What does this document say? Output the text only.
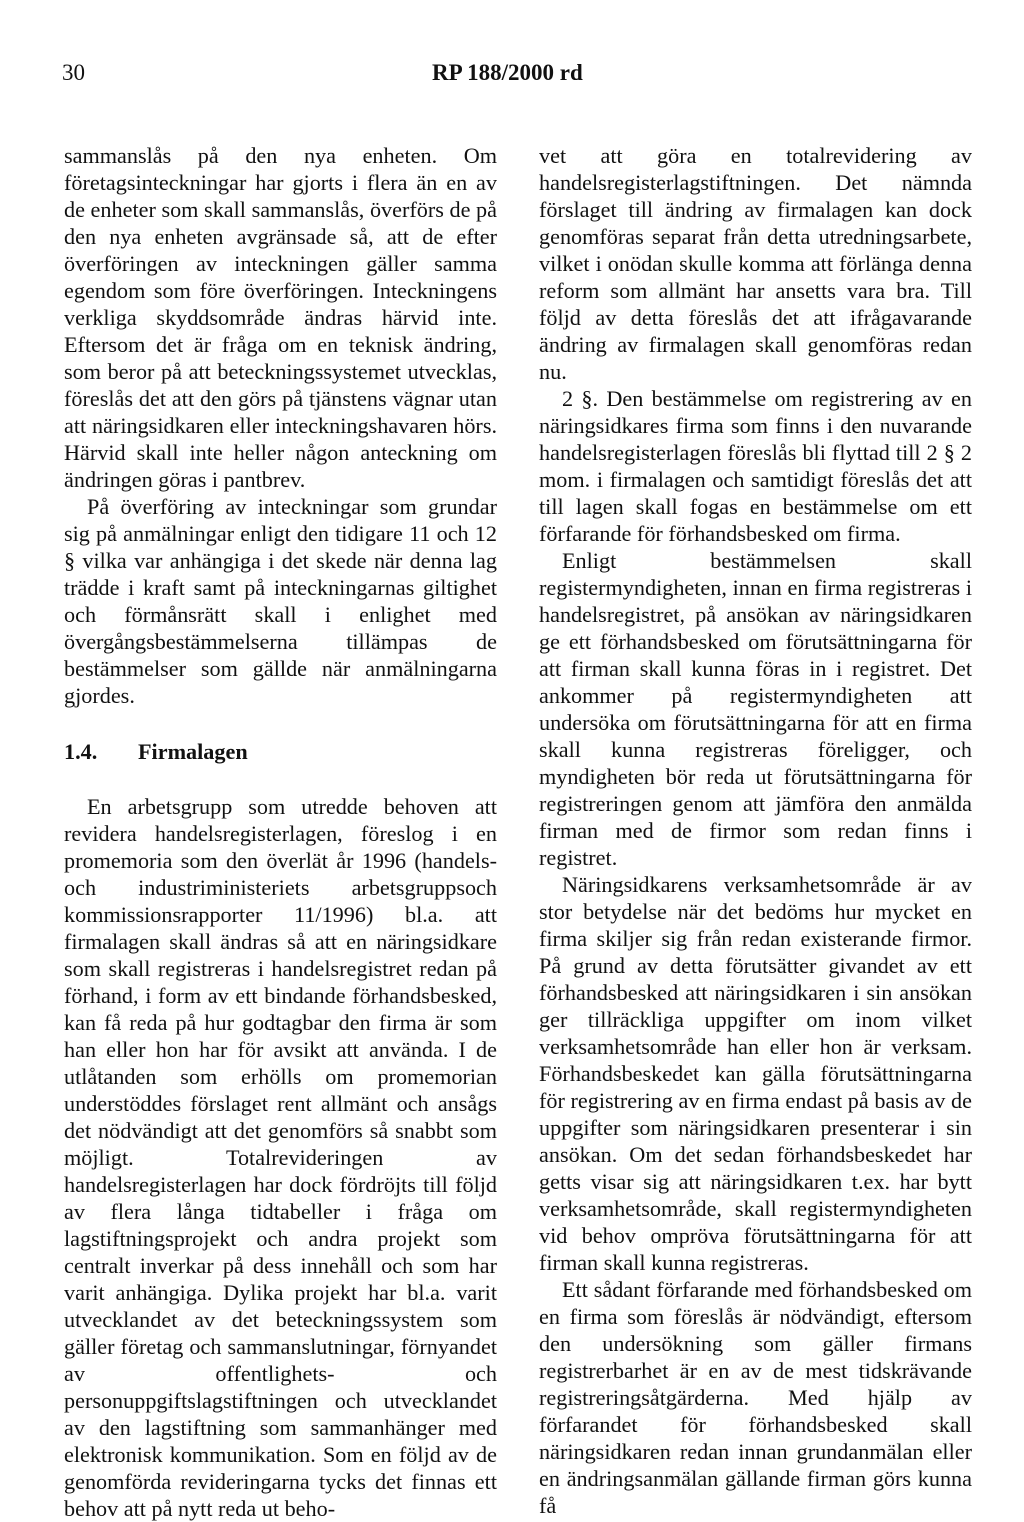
30	RP 188/2000 rd

sammanslås på den nya enheten. Om företagsinteckningar har gjorts i flera än en av de enheter som skall sammanslås, överförs de på den nya enheten avgränsade så, att de efter överföringen av inteckningen gäller samma egendom som före överföringen. Inteckningens verkliga skyddsområde ändras härvid inte. Eftersom det är fråga om en teknisk ändring, som beror på att beteckningssystemet utvecklas, föreslås det att den görs på tjänstens vägnar utan att näringsidkaren eller inteckningshavaren hörs. Härvid skall inte heller någon anteckning om ändringen göras i pantbrev.

På överföring av inteckningar som grundar sig på anmälningar enligt den tidigare 11 och 12 § vilka var anhängiga i det skede när denna lag trädde i kraft samt på inteckningarnas giltighet och förmånsrätt skall i enlighet med övergångsbestämmelserna tillämpas de bestämmelser som gällde när anmälningarna gjordes.

1.4. Firmalagen

En arbetsgrupp som utredde behoven att revidera handelsregisterlagen, föreslog i en promemoria som den överlät år 1996 (handels- och industriministeriets arbetsgruppsoch kommissionsrapporter 11/1996) bl.a. att firmalagen skall ändras så att en näringsidkare som skall registreras i handelsregistret redan på förhand, i form av ett bindande förhandsbesked, kan få reda på hur godtagbar den firma är som han eller hon har för avsikt att använda. I de utlåtanden som erhölls om promemorian understöddes förslaget rent allmänt och ansågs det nödvändigt att det genomförs så snabbt som möjligt. Totalrevideringen av handelsregisterlagen har dock fördröjts till följd av flera långa tidtabeller i fråga om lagstiftningsprojekt och andra projekt som centralt inverkar på dess innehåll och som har varit anhängiga. Dylika projekt har bl.a. varit utvecklandet av det beteckningssystem som gäller företag och sammanslutningar, förnyandet av offentlighets- och personuppgiftslagstiftningen och utvecklandet av den lagstiftning som sammanhänger med elektronisk kommunikation. Som en följd av de genomförda revideringarna tycks det finnas ett behov att på nytt reda ut beho-

vet att göra en totalrevidering av handelsregisterlagstiftningen. Det nämnda förslaget till ändring av firmalagen kan dock genomföras separat från detta utredningsarbete, vilket i onödan skulle komma att förlänga denna reform som allmänt har ansetts vara bra. Till följd av detta föreslås det att ifrågavarande ändring av firmalagen skall genomföras redan nu.

2 §. Den bestämmelse om registrering av en näringsidkares firma som finns i den nuvarande handelsregisterlagen föreslås bli flyttad till 2 § 2 mom. i firmalagen och samtidigt föreslås det att till lagen skall fogas en bestämmelse om ett förfarande för förhandsbesked om firma.

Enligt bestämmelsen skall registermyndigheten, innan en firma registreras i handelsregistret, på ansökan av näringsidkaren ge ett förhandsbesked om förutsättningarna för att firman skall kunna föras in i registret. Det ankommer på registermyndigheten att undersöka om förutsättningarna för att en firma skall kunna registreras föreligger, och myndigheten bör reda ut förutsättningarna för registreringen genom att jämföra den anmälda firman med de firmor som redan finns i registret.

Näringsidkarens verksamhetsområde är av stor betydelse när det bedöms hur mycket en firma skiljer sig från redan existerande firmor. På grund av detta förutsätter givandet av ett förhandsbesked att näringsidkaren i sin ansökan ger tillräckliga uppgifter om inom vilket verksamhetsområde han eller hon är verksam. Förhandsbeskedet kan gälla förutsättningarna för registrering av en firma endast på basis av de uppgifter som näringsidkaren presenterar i sin ansökan. Om det sedan förhandsbeskedet har getts visar sig att näringsidkaren t.ex. har bytt verksamhetsområde, skall registermyndigheten vid behov ompröva förutsättningarna för att firman skall kunna registreras.

Ett sådant förfarande med förhandsbesked om en firma som föreslås är nödvändigt, eftersom den undersökning som gäller firmans registrerbarhet är en av de mest tidskrävande registreringsåtgärderna. Med hjälp av förfarandet för förhandsbesked skall näringsidkaren redan innan grundanmälan eller en ändringsanmälan gällande firman görs kunna få
